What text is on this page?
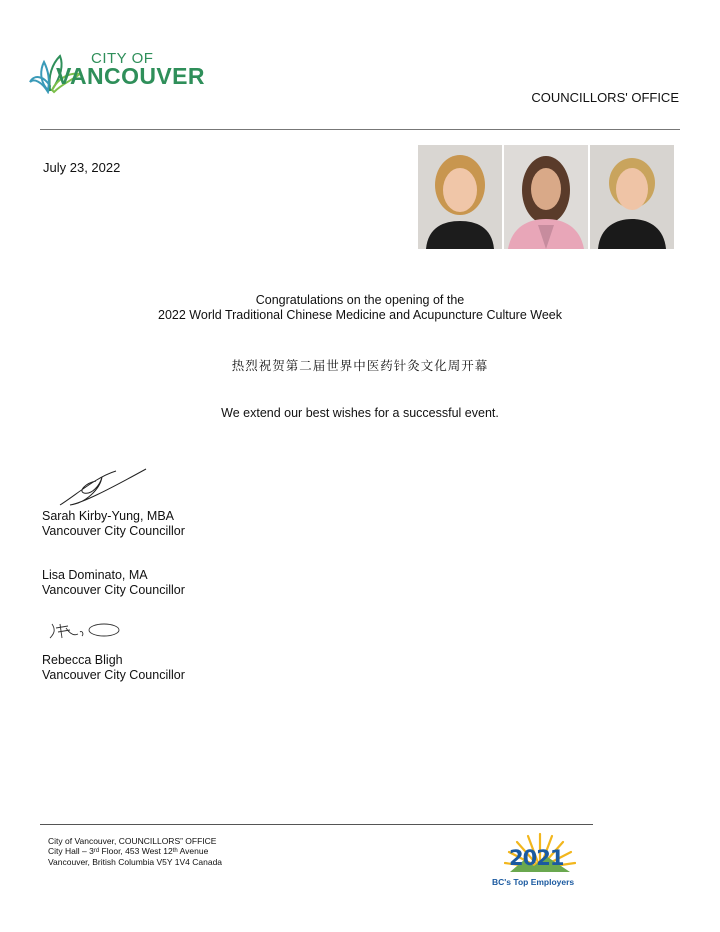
CITY OF
VANCOUVER
COUNCILLORS' OFFICE
July 23, 2022
Congratulations on the opening of the
2022 World Traditional Chinese Medicine and Acupuncture Culture Week
热烈祝贺第二届世界中医药针灸文化周开幕
We extend our best wishes for a successful event.
Sarah Kirby-Yung, MBA
Vancouver City Councillor
Lisa Dominato, MA
Vancouver City Councillor
Rebecca Bligh
Vancouver City Councillor
City of Vancouver, COUNCILLORS” OFFICE
City Hall – 3rd Floor, 453 West 12th Avenue
Vancouver, British Columbia V5Y 1V4 Canada	2021
BC's Top Employers
